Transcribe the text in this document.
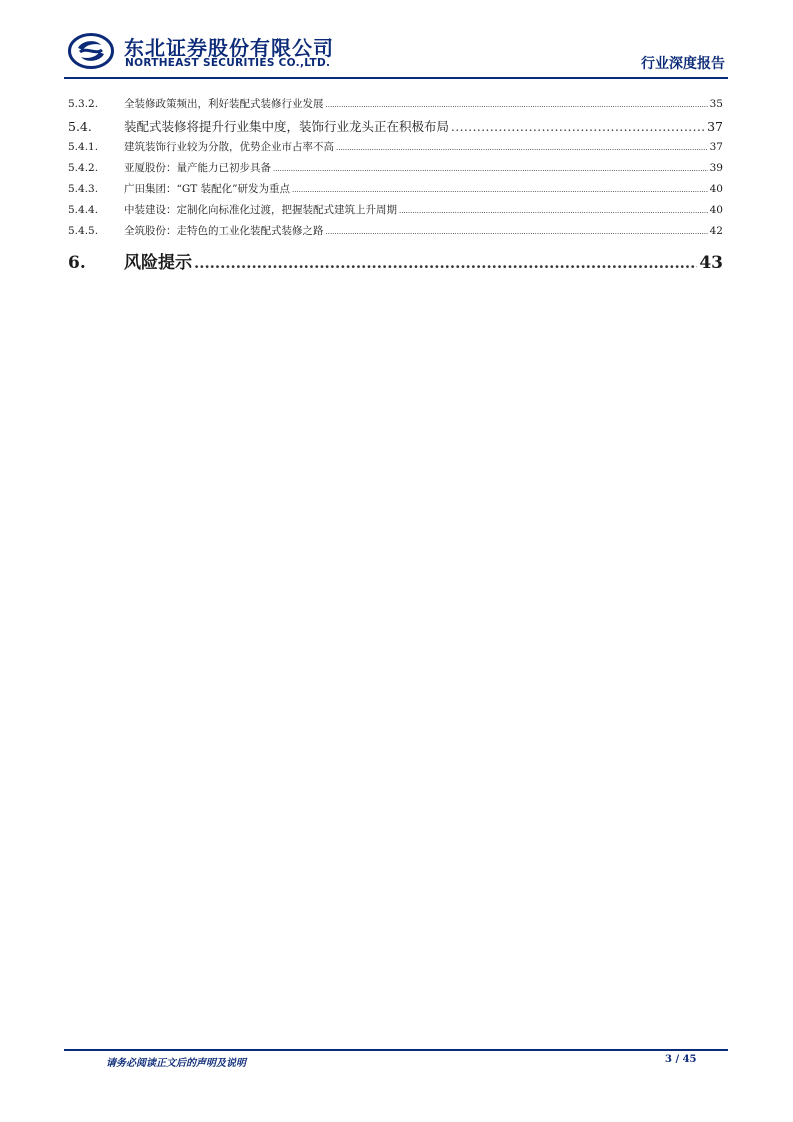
东北证券股份有限公司
NORTHEAST SECURITIES CO.,LTD.	行业深度报告
5.3.2.	全装修政策频出，利好装配式装修行业发展 .....	35
5.4.	装配式装修将提升行业集中度，装饰行业龙头正在积极布局 .....	37
5.4.1.	建筑装饰行业较为分散，优势企业市占率不高 .....	37
5.4.2.	亚厦股份：量产能力已初步具备 .....	39
5.4.3.	广田集团：“GT 装配化”研发为重点 .....	40
5.4.4.	中装建设：定制化向标准化过渡，把握装配式建筑上升周期 .....	40
5.4.5.	全筑股份：走特色的工业化装配式装修之路 .....	42
6.	风险提示 .....	43
请务必阅读正文后的声明及说明	3 / 45
